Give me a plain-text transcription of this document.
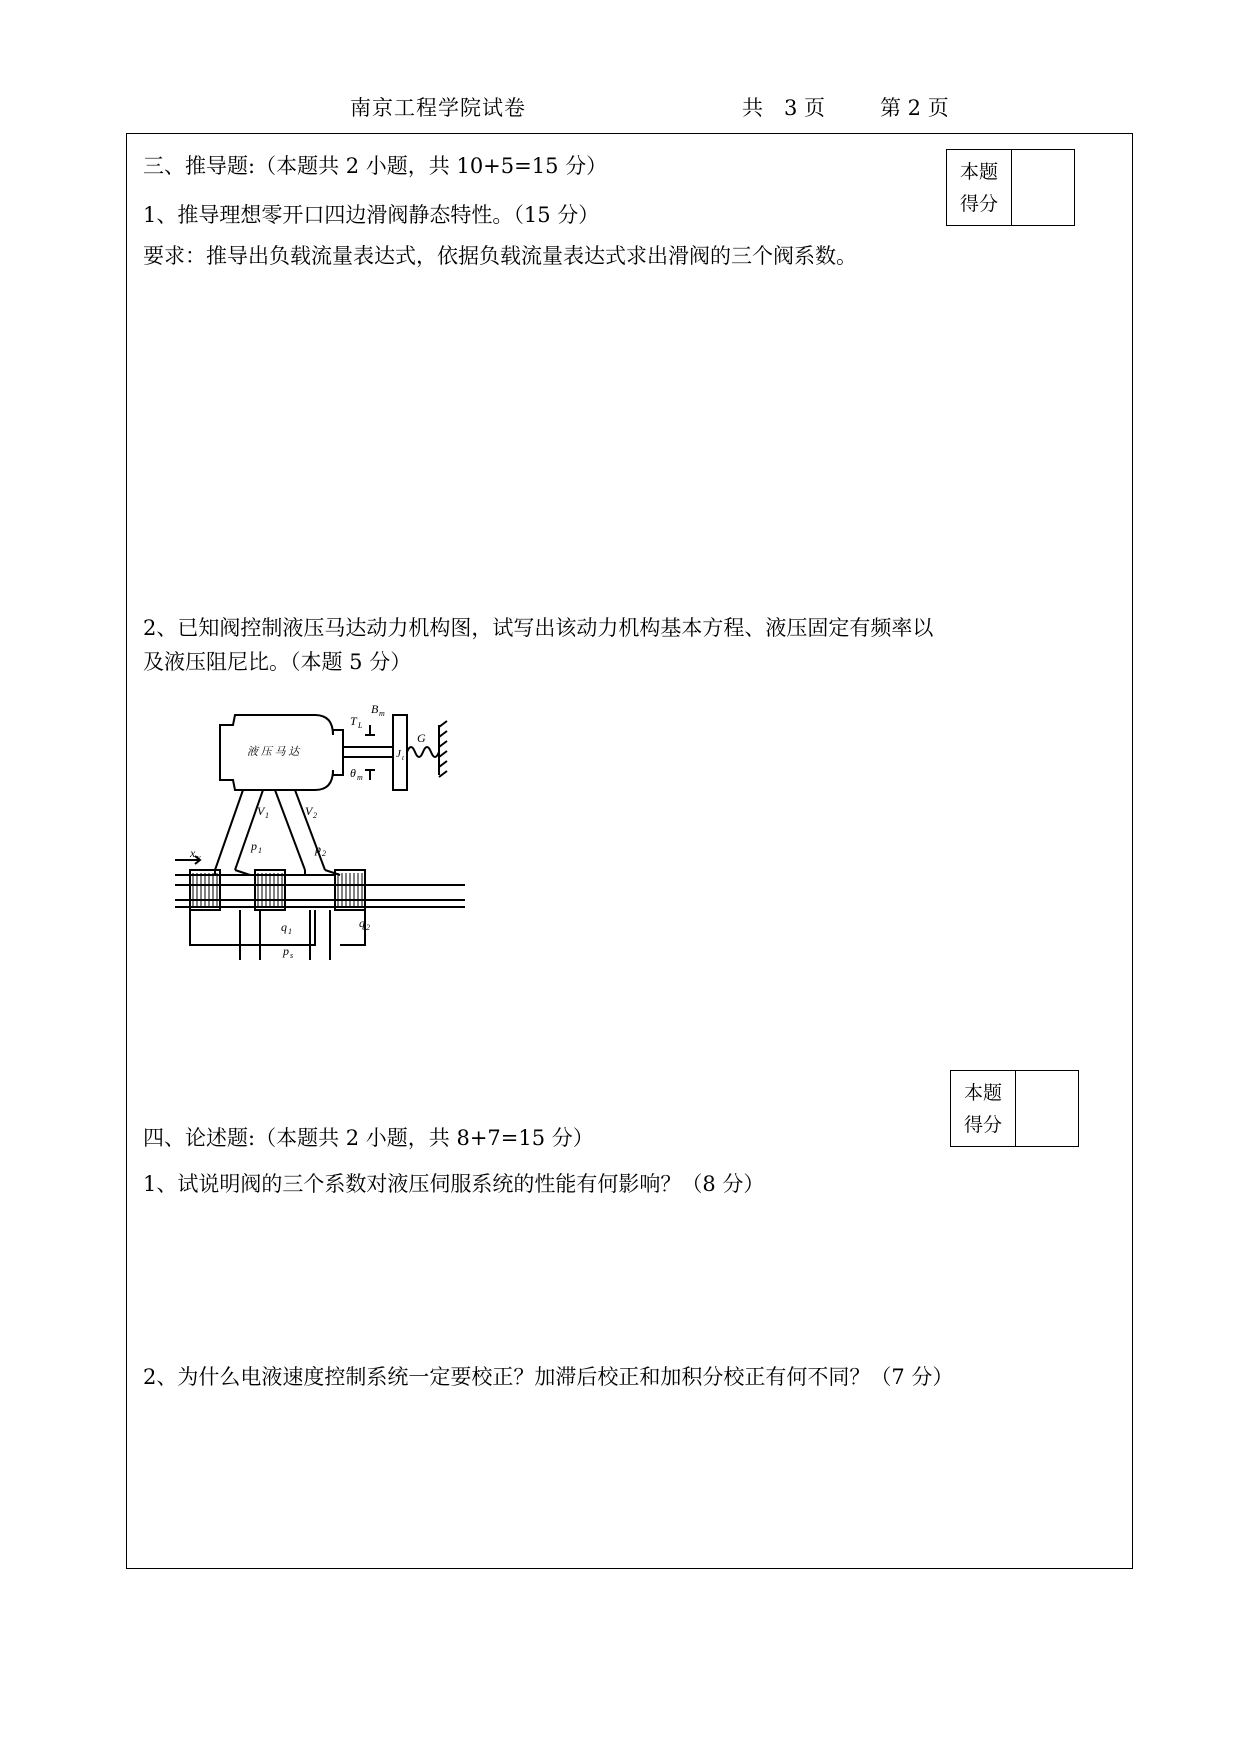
南京工程学院试卷	共　3 页	第 2 页
三、推导题:（本题共 2 小题，共 10+5=15 分）	本题
得分
1、推导理想零开口四边滑阀静态特性。（15 分）
要求：推导出负载流量表达式，依据负载流量表达式求出滑阀的三个阀系数。
2、已知阀控制液压马达动力机构图，试写出该动力机构基本方程、液压固定有频率以
及液压阻尼比。（本题 5 分）
液 压 马 达
T L
B m
J t
G
θ m
V 1	V 2
p 1	p 2
q 1
q 2
p s
x v
本题
得分
四、论述题:（本题共 2 小题，共 8+7=15 分）
1、试说明阀的三个系数对液压伺服系统的性能有何影响？（8 分）
2、为什么电液速度控制系统一定要校正？加滞后校正和加积分校正有何不同？（7 分）
